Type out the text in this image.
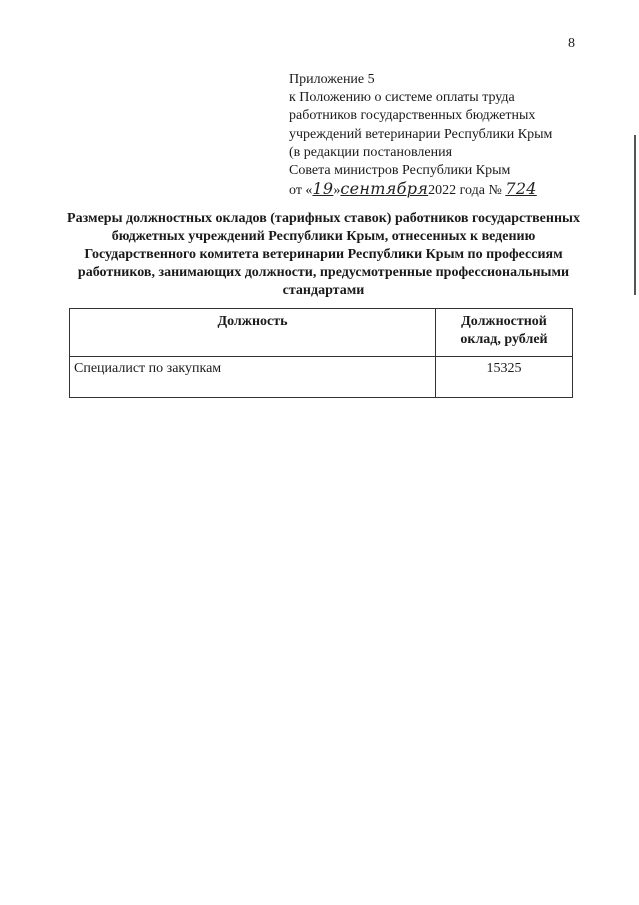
8
Приложение 5
к Положению о системе оплаты труда
работников государственных бюджетных
учреждений ветеринарии Республики Крым
(в редакции постановления
Совета министров Республики Крым
от «19»сентября2022 года № 724
Размеры должностных окладов (тарифных ставок) работников государственных бюджетных учреждений Республики Крым, отнесенных к ведению Государственного комитета ветеринарии Республики Крым по профессиям работников, занимающих должности, предусмотренные профессиональными стандартами
Должность	Должностной оклад, рублей
Специалист по закупкам	15325
